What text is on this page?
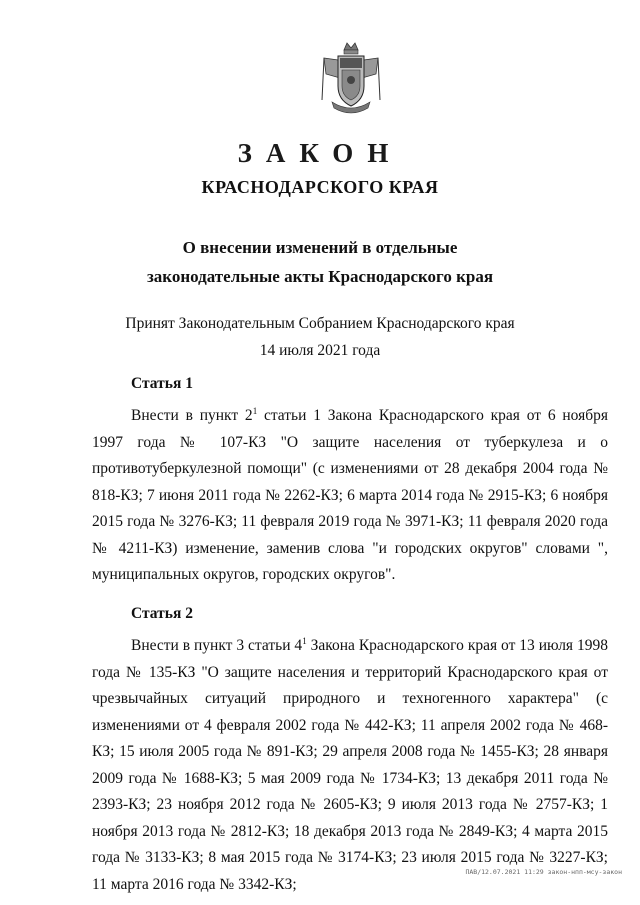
ЗАКОН
КРАСНОДАРСКОГО КРАЯ
О внесении изменений в отдельные
законодательные акты Краснодарского края
Принят Законодательным Собранием Краснодарского края
14 июля 2021 года
Статья 1

Внести в пункт $2^1$ статьи 1 Закона Краснодарского края от 6 ноября 1997 года № 107-КЗ "О защите населения от туберкулеза и о противотуберкулезной помощи" (с изменениями от 28 декабря 2004 года № 818-КЗ; 7 июня 2011 года № 2262-КЗ; 6 марта 2014 года № 2915-КЗ; 6 ноября 2015 года № 3276-КЗ; 11 февраля 2019 года № 3971-КЗ; 11 февраля 2020 года № 4211-КЗ) изменение, заменив слова "и городских округов" словами ", муниципальных округов, городских округов".

Статья 2

Внести в пункт 3 статьи $4^1$ Закона Краснодарского края от 13 июля 1998 года № 135-КЗ "О защите населения и территорий Краснодарского края от чрезвычайных ситуаций природного и техногенного характера" (с изменениями от 4 февраля 2002 года № 442-КЗ; 11 апреля 2002 года № 468-КЗ; 15 июля 2005 года № 891-КЗ; 29 апреля 2008 года № 1455-КЗ; 28 января 2009 года № 1688-КЗ; 5 мая 2009 года № 1734-КЗ; 13 декабря 2011 года № 2393-КЗ; 23 ноября 2012 года № 2605-КЗ; 9 июля 2013 года № 2757-КЗ; 1 ноября 2013 года № 2812-КЗ; 18 декабря 2013 года № 2849-КЗ; 4 марта 2015 года № 3133-КЗ; 8 мая 2015 года № 3174-КЗ; 23 июля 2015 года № 3227-КЗ; 11 марта 2016 года № 3342-КЗ;

ПАВ/12.07.2021 11:29 закон-нпп-мсу-закон
